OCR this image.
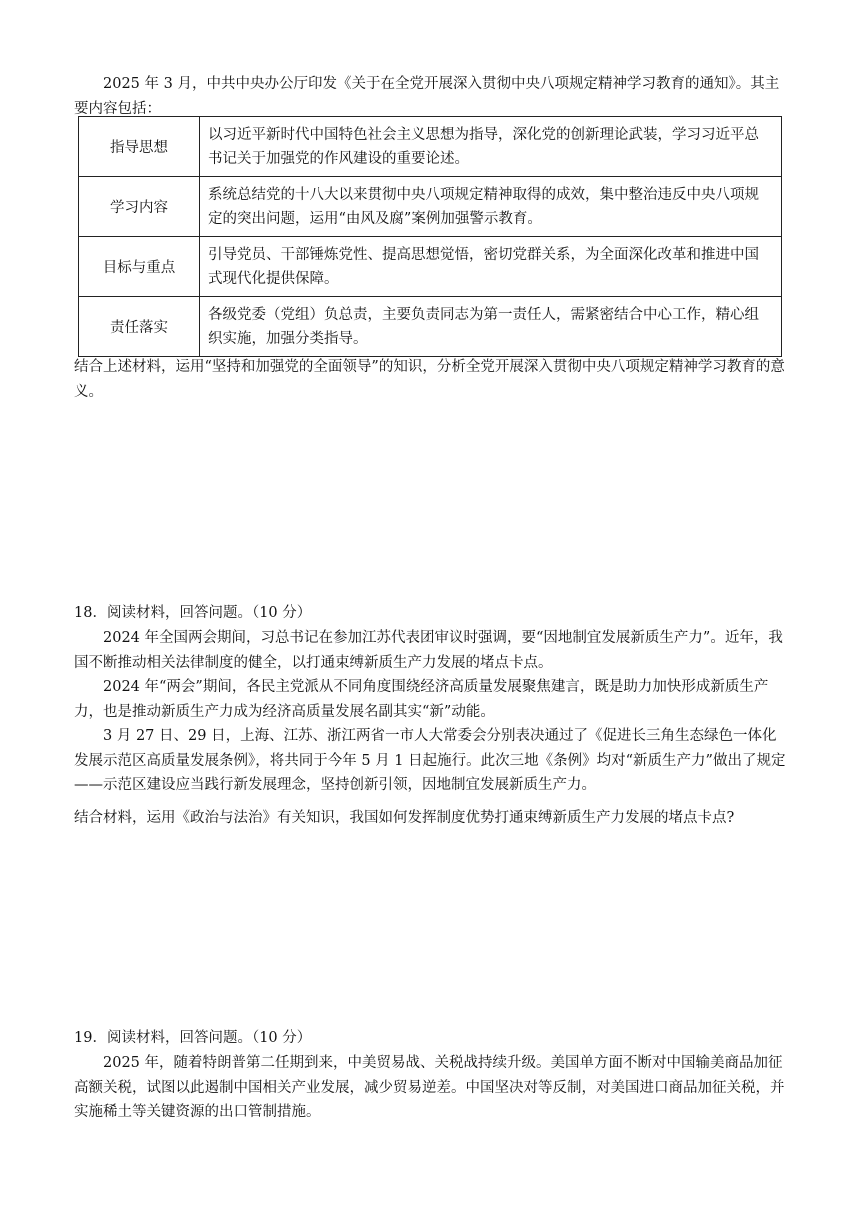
2025 年 3 月，中共中央办公厅印发《关于在全党开展深入贯彻中央八项规定精神学习教育的通知》。其主要内容包括：

指导思想	以习近平新时代中国特色社会主义思想为指导，深化党的创新理论武装，学习习近平总书记关于加强党的作风建设的重要论述。
学习内容	系统总结党的十八大以来贯彻中央八项规定精神取得的成效，集中整治违反中央八项规定的突出问题，运用“由风及腐”案例加强警示教育。
目标与重点	引导党员、干部锤炼党性、提高思想觉悟，密切党群关系，为全面深化改革和推进中国式现代化提供保障。
责任落实	各级党委（党组）负总责，主要负责同志为第一责任人，需紧密结合中心工作，精心组织实施，加强分类指导。

结合上述材料，运用“坚持和加强党的全面领导”的知识，分析全党开展深入贯彻中央八项规定精神学习教育的意义。

18．阅读材料，回答问题。（10 分）

2024 年全国两会期间，习总书记在参加江苏代表团审议时强调，要“因地制宜发展新质生产力”。近年，我国不断推动相关法律制度的健全，以打通束缚新质生产力发展的堵点卡点。

2024 年“两会”期间，各民主党派从不同角度围绕经济高质量发展聚焦建言，既是助力加快形成新质生产力，也是推动新质生产力成为经济高质量发展名副其实“新”动能。

3 月 27 日、29 日，上海、江苏、浙江两省一市人大常委会分别表决通过了《促进长三角生态绿色一体化发展示范区高质量发展条例》，将共同于今年 5 月 1 日起施行。此次三地《条例》均对“新质生产力”做出了规定——示范区建设应当践行新发展理念，坚持创新引领，因地制宜发展新质生产力。

结合材料，运用《政治与法治》有关知识，我国如何发挥制度优势打通束缚新质生产力发展的堵点卡点?

19．阅读材料，回答问题。（10 分）

2025 年，随着特朗普第二任期到来，中美贸易战、关税战持续升级。美国单方面不断对中国输美商品加征高额关税，试图以此遏制中国相关产业发展，减少贸易逆差。中国坚决对等反制，对美国进口商品加征关税，并实施稀土等关键资源的出口管制措施。
